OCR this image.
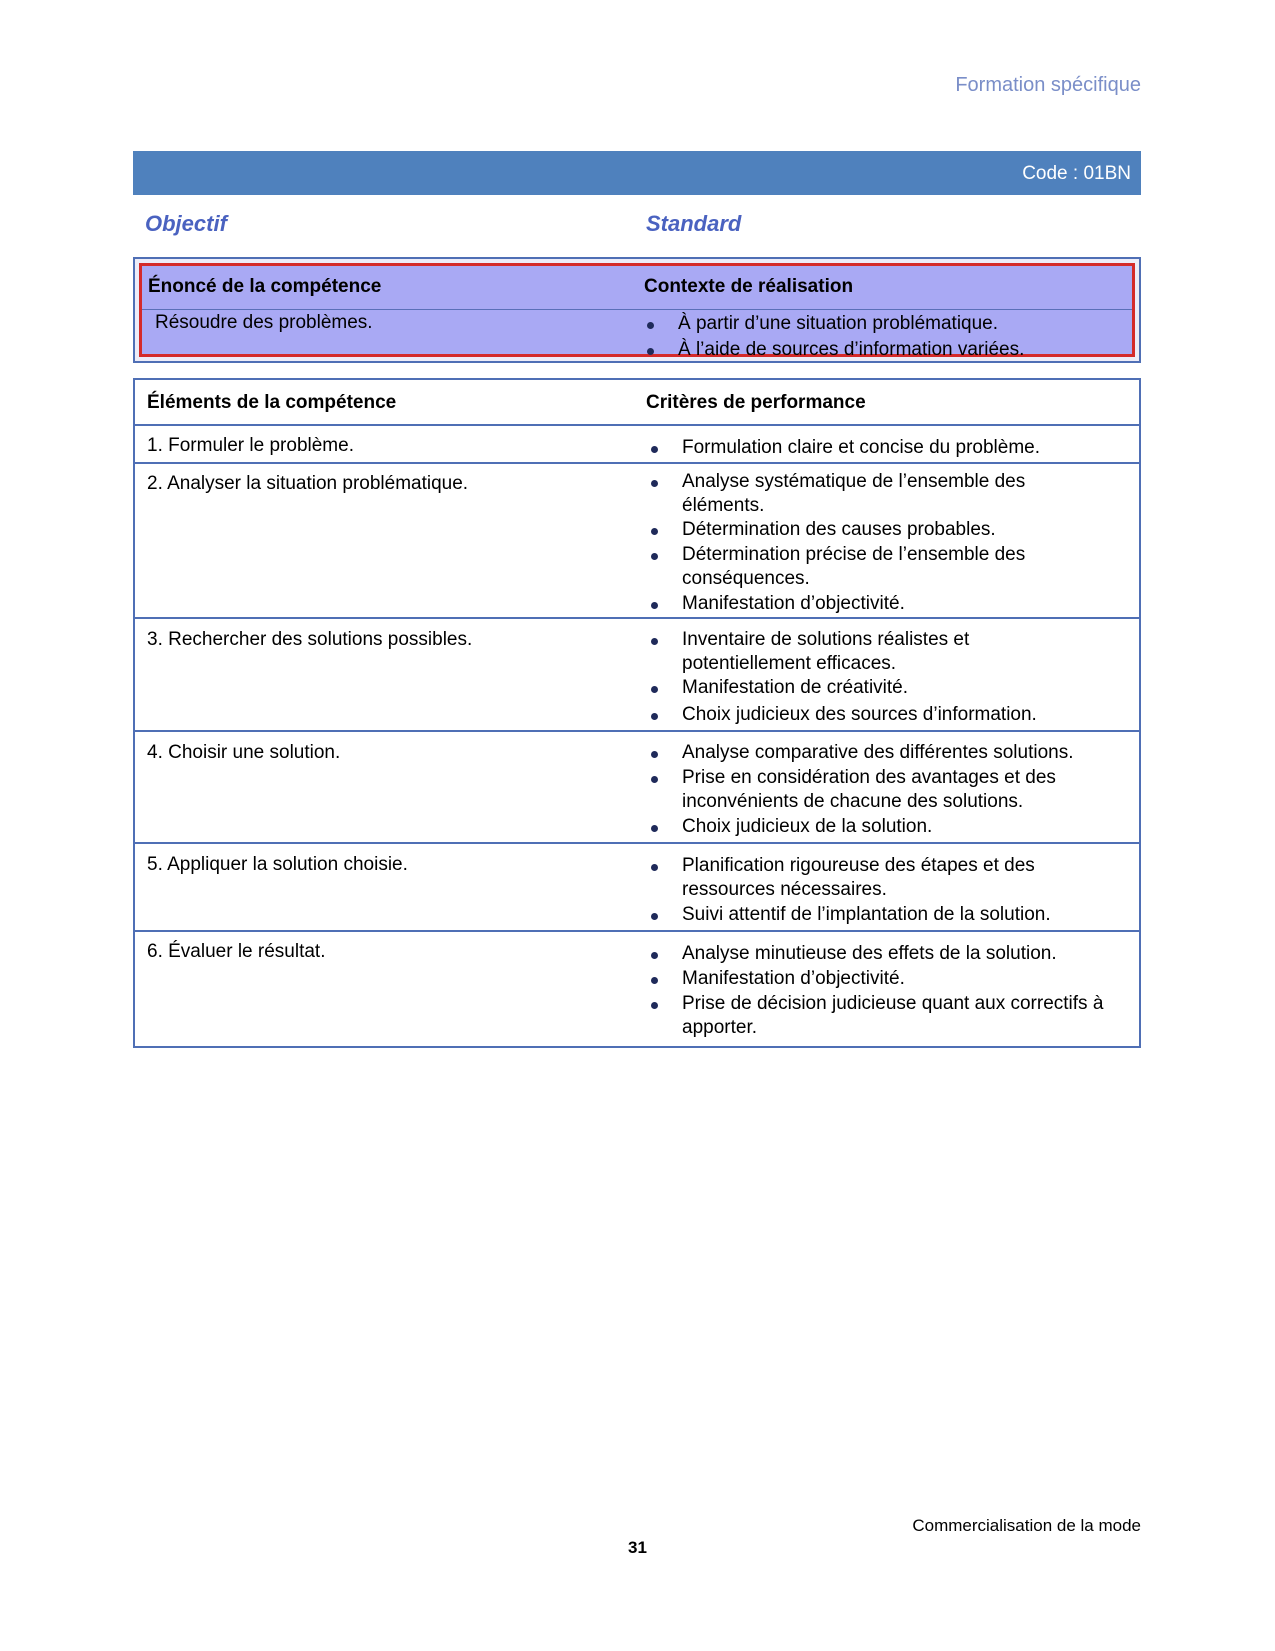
Formation spécifique
Code : 01BN
Objectif	Standard
Énoncé de la compétence	Contexte de réalisation
Résoudre des problèmes.	À partir d’une situation problématique.
À l’aide de sources d’information variées.
Éléments de la compétence	Critères de performance
1. Formuler le problème.	Formulation claire et concise du problème.
2. Analyser la situation problématique.	Analyse systématique de l’ensemble des éléments.
Détermination des causes probables.
Détermination précise de l’ensemble des conséquences.
Manifestation d’objectivité.
3. Rechercher des solutions possibles.	Inventaire de solutions réalistes et potentiellement efficaces.
Manifestation de créativité.
Choix judicieux des sources d’information.
4. Choisir une solution.	Analyse comparative des différentes solutions.
Prise en considération des avantages et des inconvénients de chacune des solutions.
Choix judicieux de la solution.
5. Appliquer la solution choisie.	Planification rigoureuse des étapes et des ressources nécessaires.
Suivi attentif de l’implantation de la solution.
6. Évaluer le résultat.	Analyse minutieuse des effets de la solution.
Manifestation d’objectivité.
Prise de décision judicieuse quant aux correctifs à apporter.
Commercialisation de la mode
31
